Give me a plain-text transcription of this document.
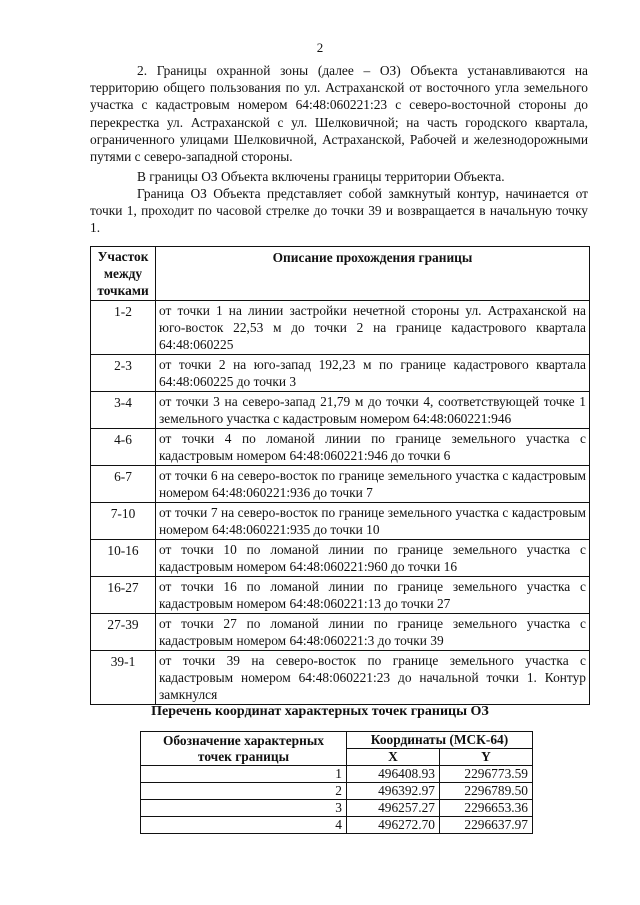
2

2. Границы охранной зоны (далее – ОЗ) Объекта устанавливаются на территорию общего пользования по ул. Астраханской от восточного угла земельного участка с кадастровым номером 64:48:060221:23 с северо-восточной стороны до перекрестка ул. Астраханской с ул. Шелковичной; на часть городского квартала, ограниченного улицами Шелковичной, Астраханской, Рабочей и железнодорожными путями с северо-западной стороны.

В границы ОЗ Объекта включены границы территории Объекта.

Граница ОЗ Объекта представляет собой замкнутый контур, начинается от точки 1, проходит по часовой стрелке до точки 39 и возвращается в начальную точку 1.

Участок между точками	Описание прохождения границы
1-2	от точки 1 на линии застройки нечетной стороны ул. Астраханской на юго-восток 22,53 м до точки 2 на границе кадастрового квартала 64:48:060225
2-3	от точки 2 на юго-запад 192,23 м по границе кадастрового квартала 64:48:060225 до точки 3
3-4	от точки 3 на северо-запад 21,79 м до точки 4, соответствующей точке 1 земельного участка с кадастровым номером 64:48:060221:946
4-6	от точки 4 по ломаной линии по границе земельного участка с кадастровым номером 64:48:060221:946 до точки 6
6-7	от точки 6 на северо-восток по границе земельного участка с кадастровым номером 64:48:060221:936 до точки 7
7-10	от точки 7 на северо-восток по границе земельного участка с кадастровым номером 64:48:060221:935 до точки 10
10-16	от точки 10 по ломаной линии по границе земельного участка с кадастровым номером 64:48:060221:960 до точки 16
16-27	от точки 16 по ломаной линии по границе земельного участка с кадастровым номером 64:48:060221:13 до точки 27
27-39	от точки 27 по ломаной линии по границе земельного участка с кадастровым номером 64:48:060221:3 до точки 39
39-1	от точки 39 на северо-восток по границе земельного участка с кадастровым номером 64:48:060221:23 до начальной точки 1. Контур замкнулся
Перечень координат характерных точек границы ОЗ
Обозначение характерных точек границы	Координаты (МСК-64)	
	X	Y
1	496408.93	2296773.59
2	496392.97	2296789.50
3	496257.27	2296653.36
4	496272.70	2296637.97
